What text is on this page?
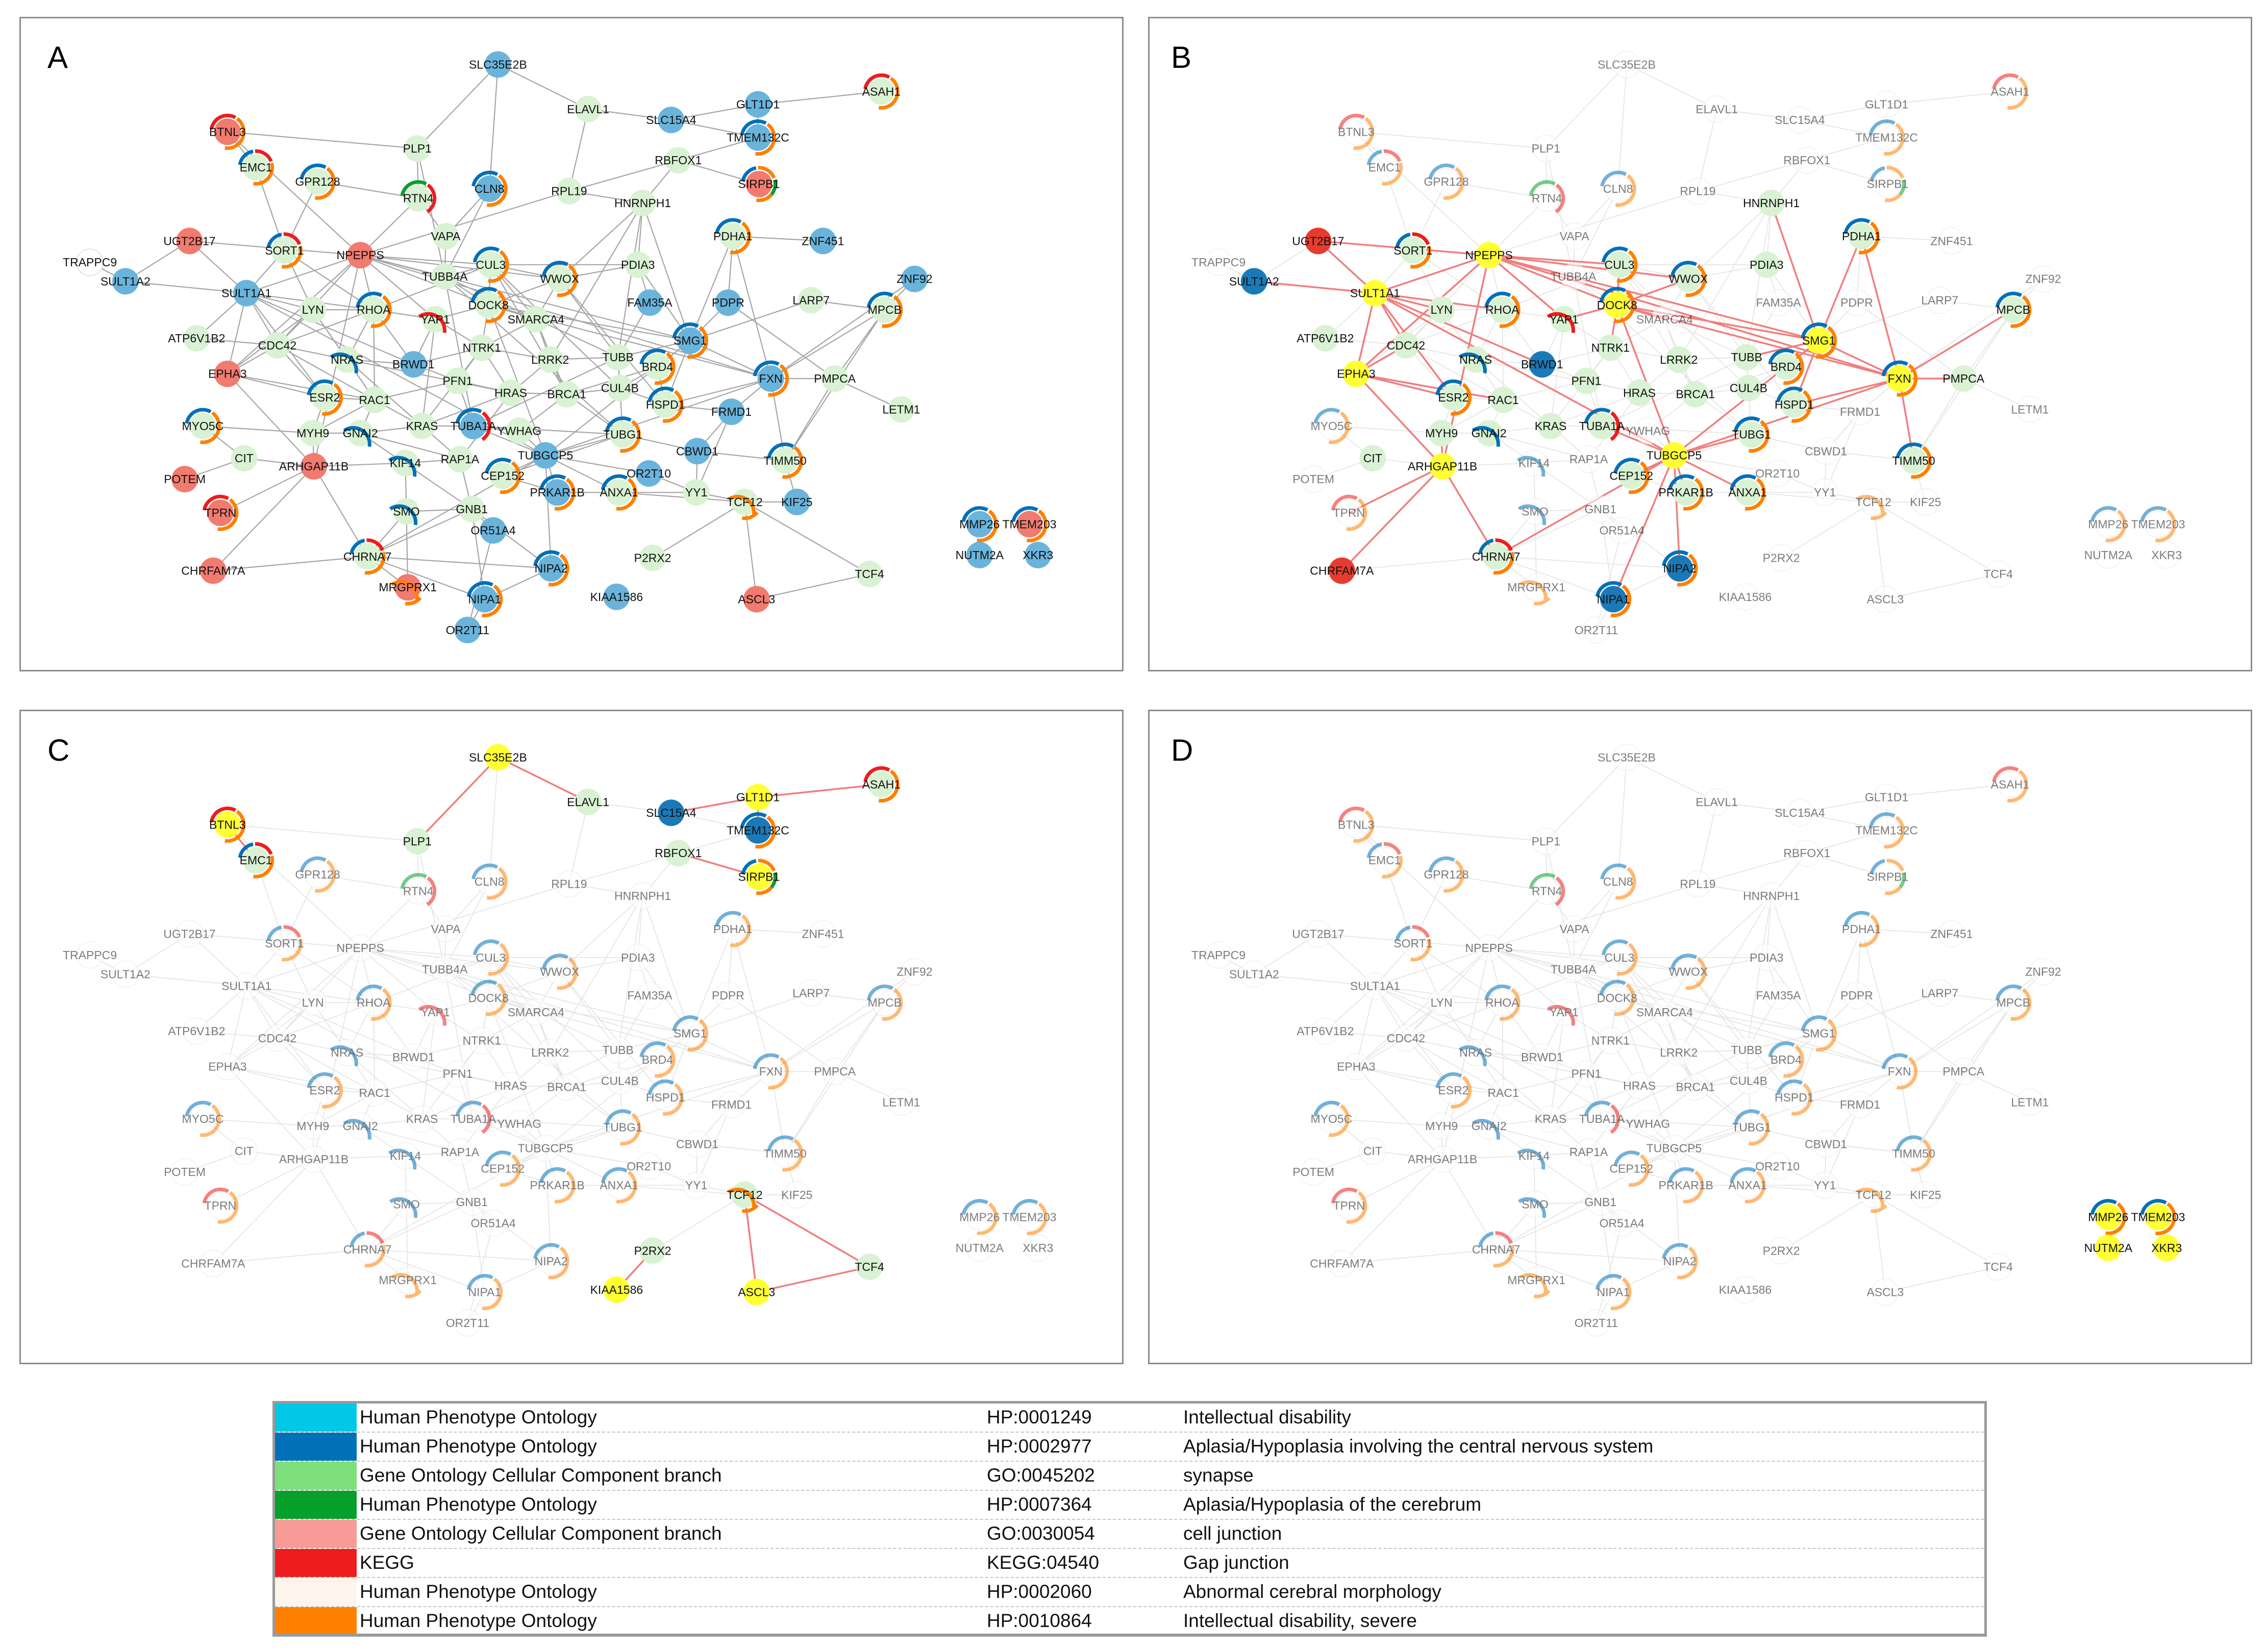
A	SLC35E2B
ELAVL1
SLC15A4
GLT1D1
ASAH1
TMEM132C
PLP1
RBFOX1
BTNL3
EMC1
RPL19
SIRPB1
GPR128
RTN4
CLN8
HNRNPH1
UGT2B17
NPEPPS
VAPA
SORT1
PDHA1	ZNF451
TRAPPC9
SULT1A2
SULT1A1
TUBB4A
CUL3	PDIA3
WWOX	ZNF92
LYN	RHOA
YAP1
DOCK8
SMARCA4
FAM35A	PDPR	LARP7
MPCB
ATP6V1B2
CDC42
NRAS BRWD1
NTRK1
LRRK2	TUBB
SMG1
EPHA3
ESR2 RAC1
PFN1
HRAS BRCA1 CUL4B
BRD4
FXN	PMPCA
FRMD1
HSPD1	LETM1
MYO5C
MYH9 GNAI2
KRAS TUBA1A YWHAG	TUBG1
CBWD1
TIMM50
CIT
ARHGAP11B	KIF14 RAP1A	TUBGCP5
OR2T10
POTEM	CEP152
PRKAR1B ANXA1	YY1
TCF12 KIF25
TPRN	SMO	GNB1
OR51A4
CHRNA7
CHRFAM7A
MRGPRX1
NIPA2
NIPA1
P2RX2
KIAA1586
TCF4
ASCL3
OR2T11
MMP26 TMEM203
NUTM2A XKR3
B	SLC35E2B
ELAVL1
SLC15A4
GLT1D1
ASAH1
TMEM132C
PLP1
RBFOX1
BTNL3
EMC1
RPL19
SIRPB1
GPR128
RTN4
CLN8
HNRNPH1
UGT2B17
NPEPPS
VAPA
SORT1
PDHA1	ZNF451
TRAPPC9
SULT1A2
SULT1A1
TUBB4A
CUL3	PDIA3
WWOX	ZNF92
LYN	RHOA
YAP1
DOCK8
SMARCA4
FAM35A	PDPR	LARP7
MPCB
ATP6V1B2
CDC42
NRAS BRWD1
NTRK1
LRRK2	TUBB
SMG1
EPHA3
ESR2 RAC1
PFN1
HRAS BRCA1 CUL4B
BRD4
FXN	PMPCA
FRMD1
HSPD1	LETM1
MYO5C
MYH9 GNAI2
KRAS TUBA1A YWHAG	TUBG1
CBWD1
TIMM50
CIT
ARHGAP11B	KIF14 RAP1A	TUBGCP5
OR2T10
POTEM	CEP152
PRKAR1B ANXA1	YY1
TCF12 KIF25
TPRN	SMO	GNB1
OR51A4
CHRNA7
CHRFAM7A
MRGPRX1
NIPA2
NIPA1
P2RX2
KIAA1586
TCF4
ASCL3
OR2T11
MMP26 TMEM203
NUTM2A XKR3
C	SLC35E2B
ELAVL1
SLC15A4
GLT1D1
ASAH1
TMEM132C
PLP1
RBFOX1
BTNL3
EMC1
RPL19
SIRPB1
GPR128
RTN4
CLN8
HNRNPH1
UGT2B17
NPEPPS
VAPA
SORT1
PDHA1	ZNF451
TRAPPC9
SULT1A2
SULT1A1
TUBB4A
CUL3	PDIA3
WWOX	ZNF92
LYN	RHOA
YAP1
DOCK8
SMARCA4
FAM35A	PDPR	LARP7
MPCB
ATP6V1B2
CDC42
NRAS BRWD1
NTRK1
LRRK2	TUBB
SMG1
EPHA3
ESR2 RAC1
PFN1
HRAS BRCA1 CUL4B
BRD4
FXN	PMPCA
FRMD1
HSPD1	LETM1
MYO5C
MYH9 GNAI2
KRAS TUBA1A YWHAG	TUBG1
CBWD1
TIMM50
CIT
ARHGAP11B	KIF14 RAP1A	TUBGCP5
OR2T10
POTEM	CEP152
PRKAR1B ANXA1	YY1
TCF12 KIF25
TPRN	SMO	GNB1
OR51A4
CHRNA7
CHRFAM7A
MRGPRX1
NIPA2
NIPA1
P2RX2
KIAA1586
TCF4
ASCL3
OR2T11
MMP26 TMEM203
NUTM2A XKR3
D	SLC35E2B
ELAVL1
SLC15A4
GLT1D1
ASAH1
TMEM132C
PLP1
RBFOX1
BTNL3
EMC1
RPL19
SIRPB1
GPR128
RTN4
CLN8
HNRNPH1
UGT2B17
NPEPPS
VAPA
SORT1
PDHA1	ZNF451
TRAPPC9
SULT1A2
SULT1A1
TUBB4A
CUL3	PDIA3
WWOX	ZNF92
LYN	RHOA
YAP1
DOCK8
SMARCA4
FAM35A	PDPR	LARP7
MPCB
ATP6V1B2
CDC42
NRAS BRWD1
NTRK1
LRRK2	TUBB
SMG1
EPHA3
ESR2 RAC1
PFN1
HRAS BRCA1 CUL4B
BRD4
FXN	PMPCA
FRMD1
HSPD1	LETM1
MYO5C
MYH9 GNAI2
KRAS TUBA1A YWHAG	TUBG1
CBWD1
TIMM50
CIT
ARHGAP11B	KIF14 RAP1A	TUBGCP5
OR2T10
POTEM	CEP152
PRKAR1B ANXA1	YY1
TCF12 KIF25
TPRN	SMO	GNB1
OR51A4
CHRNA7
CHRFAM7A
MRGPRX1
NIPA2
NIPA1
P2RX2
KIAA1586
TCF4
ASCL3
OR2T11
MMP26 TMEM203
NUTM2A XKR3
Human Phenotype Ontology	HP:0001249	Intellectual disability
Human Phenotype Ontology	HP:0002977	Aplasia/Hypoplasia involving the central nervous system
Gene Ontology Cellular Component branch	GO:0045202	synapse
Human Phenotype Ontology	HP:0007364	Aplasia/Hypoplasia of the cerebrum
Gene Ontology Cellular Component branch	GO:0030054	cell junction
KEGG	KEGG:04540	Gap junction
Human Phenotype Ontology	HP:0002060	Abnormal cerebral morphology
Human Phenotype Ontology	HP:0010864	Intellectual disability, severe
